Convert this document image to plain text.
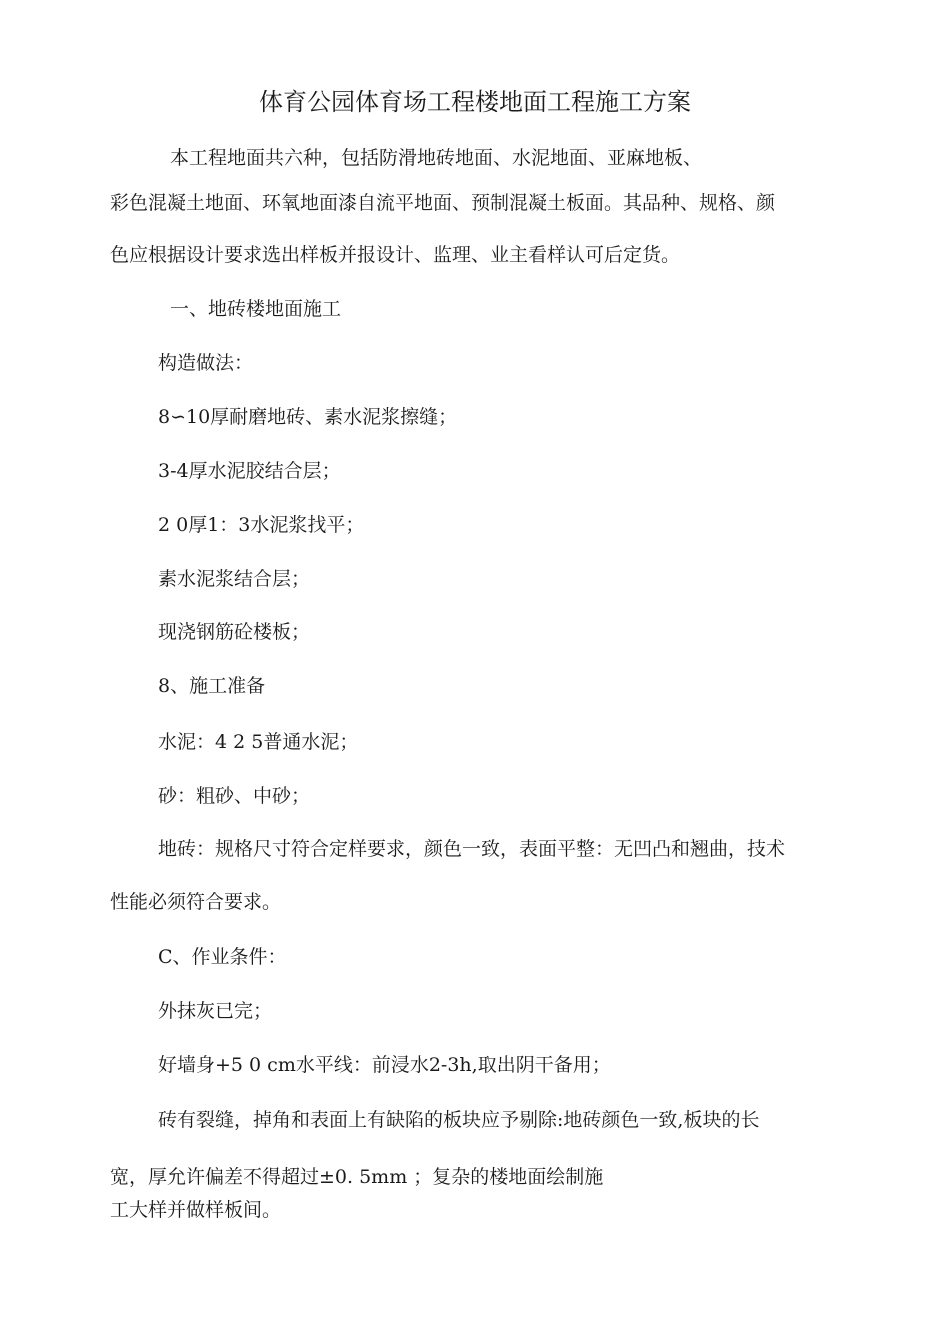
体育公园体育场工程楼地面工程施工方案
本工程地面共六种，包括防滑地砖地面、水泥地面、亚麻地板、
彩色混凝土地面、环氧地面漆自流平地面、预制混凝土板面。其品种、规格、颜
色应根据设计要求选出样板并报设计、监理、业主看样认可后定货。
一、地砖楼地面施工
构造做法：
8∽10厚耐磨地砖、素水泥浆擦缝；
3-4厚水泥胶结合层；
2 0厚1：3水泥浆找平；
素水泥浆结合层；
现浇钢筋砼楼板；
8、施工准备
水泥：4 2 5普通水泥；
砂：粗砂、中砂；
地砖：规格尺寸符合定样要求，颜色一致，表面平整：无凹凸和翘曲，技术
性能必须符合要求。
C、作业条件：
外抹灰已完；
好墙身+5 0 cm水平线：前浸水2-3h,取出阴干备用；
砖有裂缝，掉角和表面上有缺陷的板块应予剔除:地砖颜色一致,板块的长
宽，厚允许偏差不得超过±0. 5mm ；复杂的楼地面绘制施
工大样并做样板间。
